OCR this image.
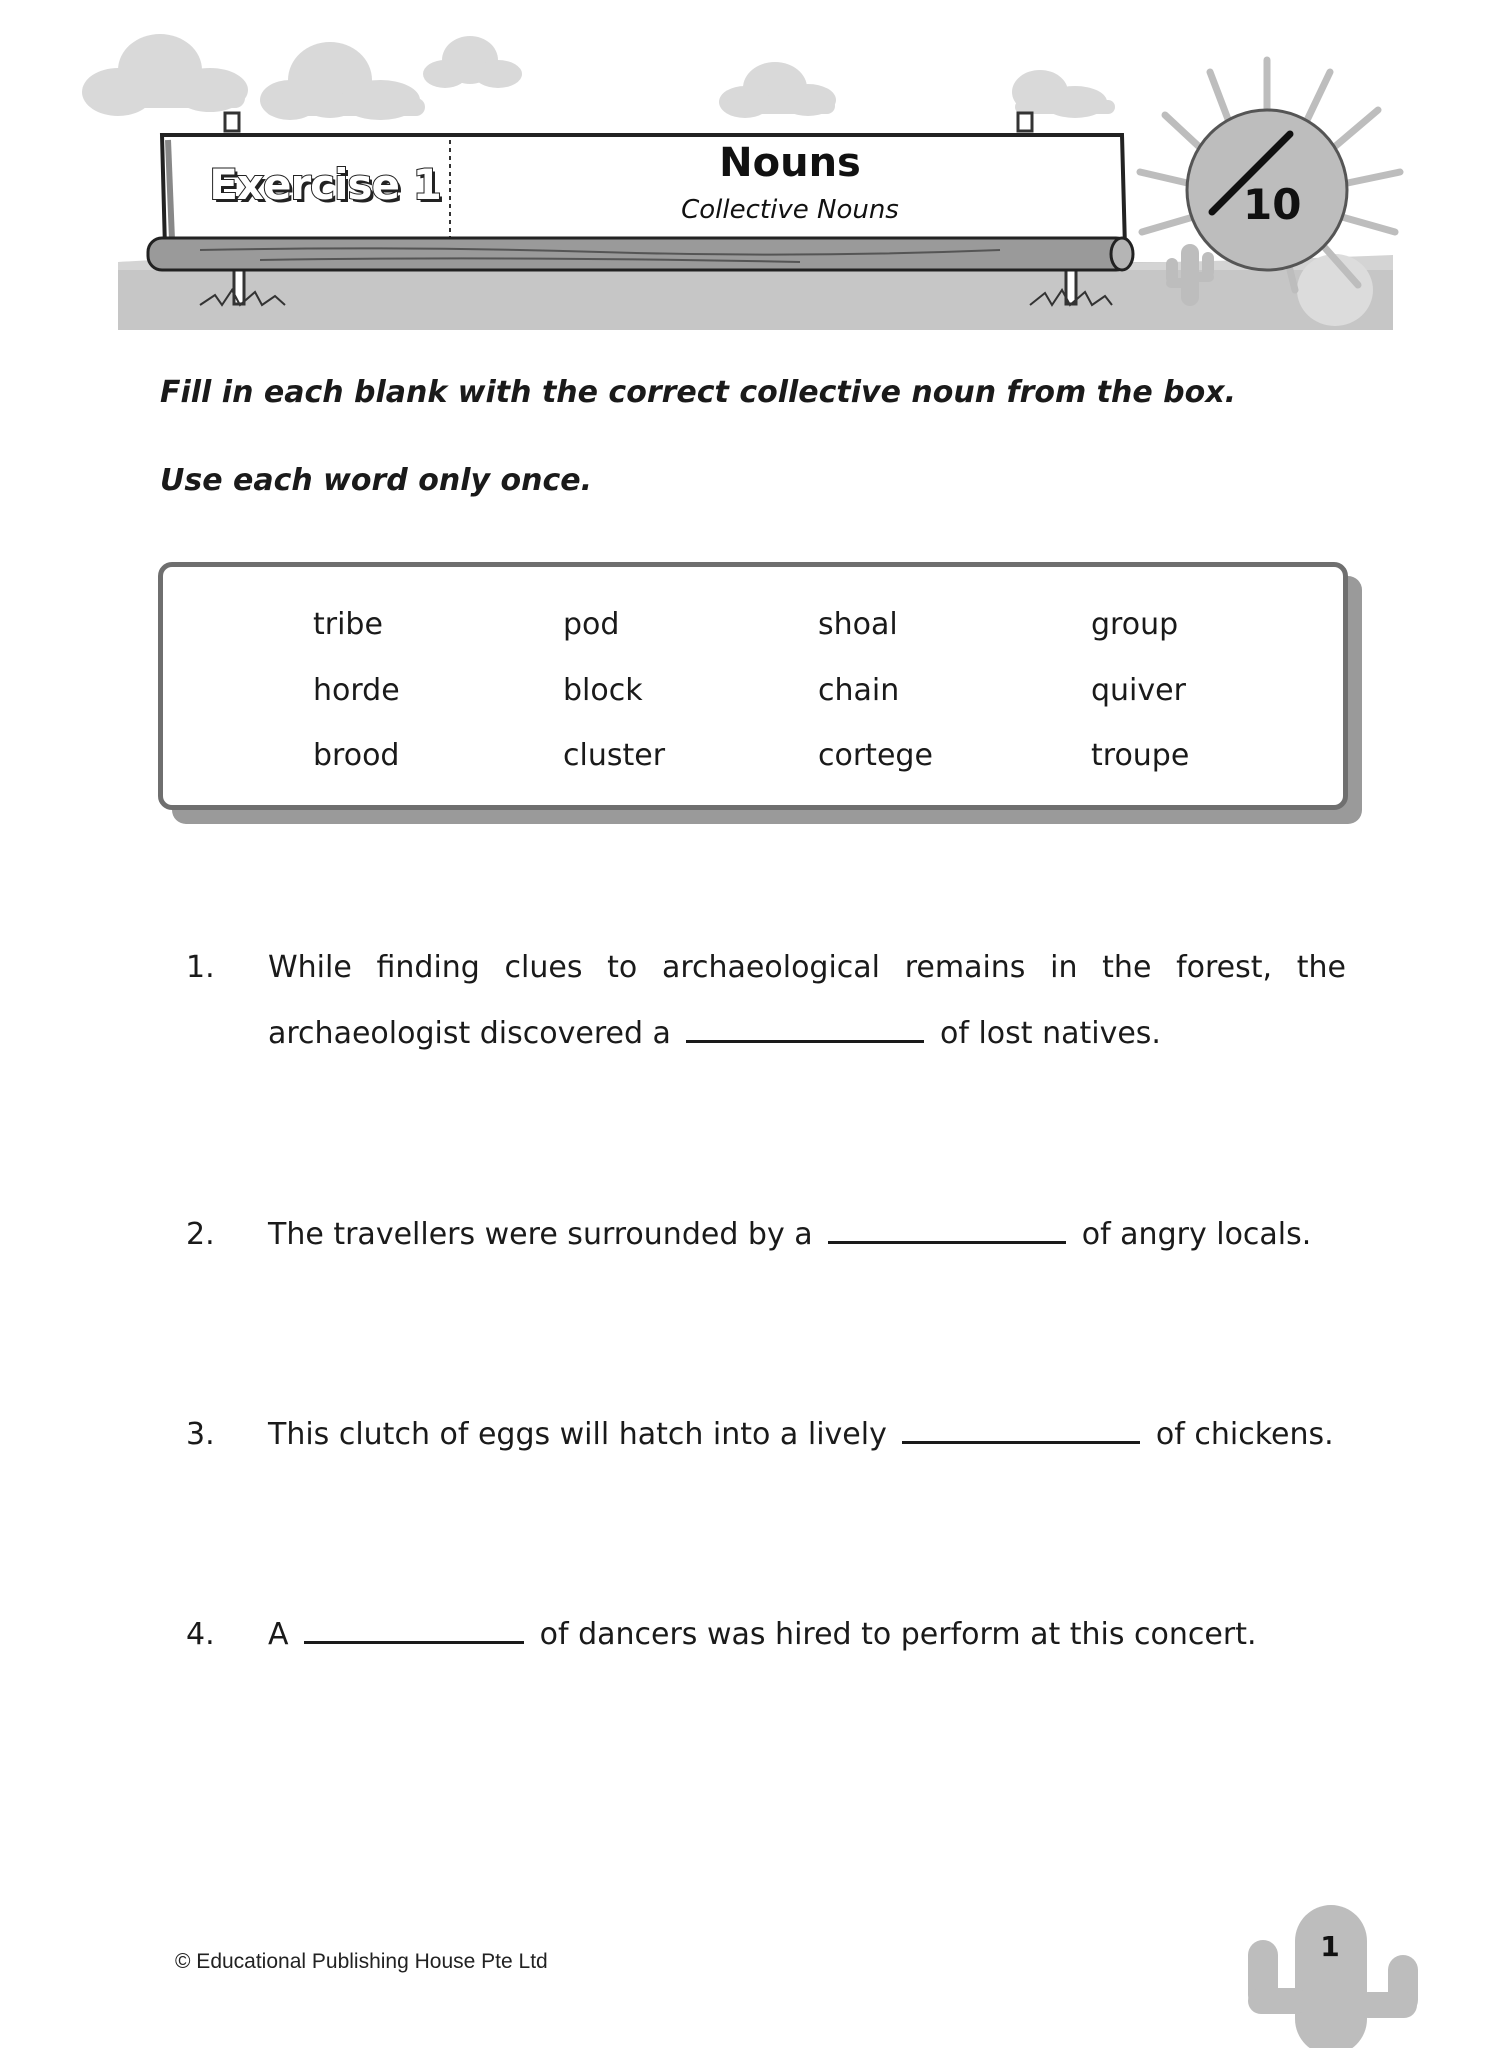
Exercise 1	Nouns
Collective Nouns	10
Fill in each blank with the correct collective noun from the box.
Use each word only once.
tribe	pod	shoal	group
horde	block	chain	quiver
brood	cluster	cortege	troupe
1. While finding clues to archaeological remains in the forest, the
archaeologist discovered a	of lost natives.
2. The travellers were surrounded by a	of angry locals.
3. This clutch of eggs will hatch into a lively	of chickens.
4. A	of dancers was hired to perform at this concert.
© Educational Publishing House Pte Ltd	1
